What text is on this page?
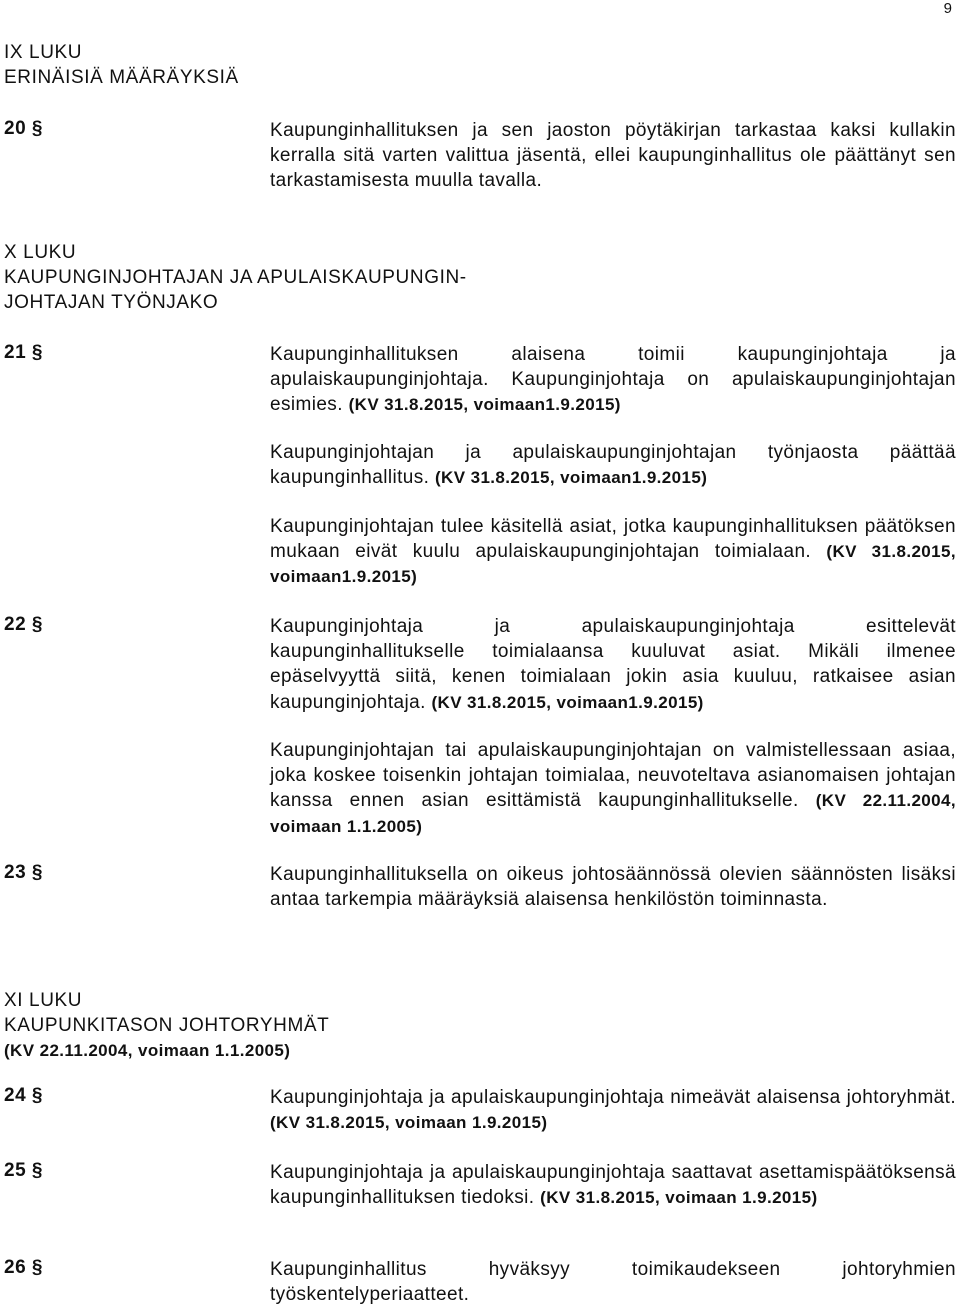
9
IX LUKU
ERINÄISIÄ MÄÄRÄYKSIÄ
20 §	Kaupunginhallituksen ja sen jaoston pöytäkirjan tarkastaa kaksi kullakin kerralla sitä varten valittua jäsentä, ellei kaupunginhallitus ole päättänyt sen tarkastamisesta muulla tavalla.
X LUKU
KAUPUNGINJOHTAJAN JA APULAISKAUPUNGIN-
JOHTAJAN TYÖNJAKO
21 §	Kaupunginhallituksen alaisena toimii kaupunginjohtaja ja apulaiskaupunginjohtaja. Kaupunginjohtaja on apulaiskaupunginjohtajan esimies. (KV 31.8.2015, voimaan1.9.2015)
Kaupunginjohtajan ja apulaiskaupunginjohtajan työnjaosta päättää kaupunginhallitus. (KV 31.8.2015, voimaan1.9.2015)
Kaupunginjohtajan tulee käsitellä asiat, jotka kaupunginhallituksen päätöksen mukaan eivät kuulu apulaiskaupunginjohtajan toimialaan. (KV 31.8.2015, voimaan1.9.2015)
22 §	Kaupunginjohtaja ja apulaiskaupunginjohtaja esittelevät kaupunginhallitukselle toimialaansa kuuluvat asiat. Mikäli ilmenee epäselvyyttä siitä, kenen toimialaan jokin asia kuuluu, ratkaisee asian kaupunginjohtaja. (KV 31.8.2015, voimaan1.9.2015)
Kaupunginjohtajan tai apulaiskaupunginjohtajan on valmistellessaan asiaa, joka koskee toisenkin johtajan toimialaa, neuvoteltava asianomaisen johtajan kanssa ennen asian esittämistä kaupunginhallitukselle. (KV 22.11.2004, voimaan 1.1.2005)
23 §	Kaupunginhallituksella on oikeus johtosäännössä olevien säännösten lisäksi antaa tarkempia määräyksiä alaisensa henkilöstön toiminnasta.
XI LUKU
KAUPUNKITASON JOHTORYHMÄT
(KV 22.11.2004, voimaan 1.1.2005)
24 §	Kaupunginjohtaja ja apulaiskaupunginjohtaja nimeävät alaisensa johtoryhmät. (KV 31.8.2015, voimaan 1.9.2015)
25 §	Kaupunginjohtaja ja apulaiskaupunginjohtaja saattavat asettamispäätöksensä kaupunginhallituksen tiedoksi. (KV 31.8.2015, voimaan 1.9.2015)
26 §	Kaupunginhallitus hyväksyy toimikaudekseen johtoryhmien työskentelyperiaatteet.
